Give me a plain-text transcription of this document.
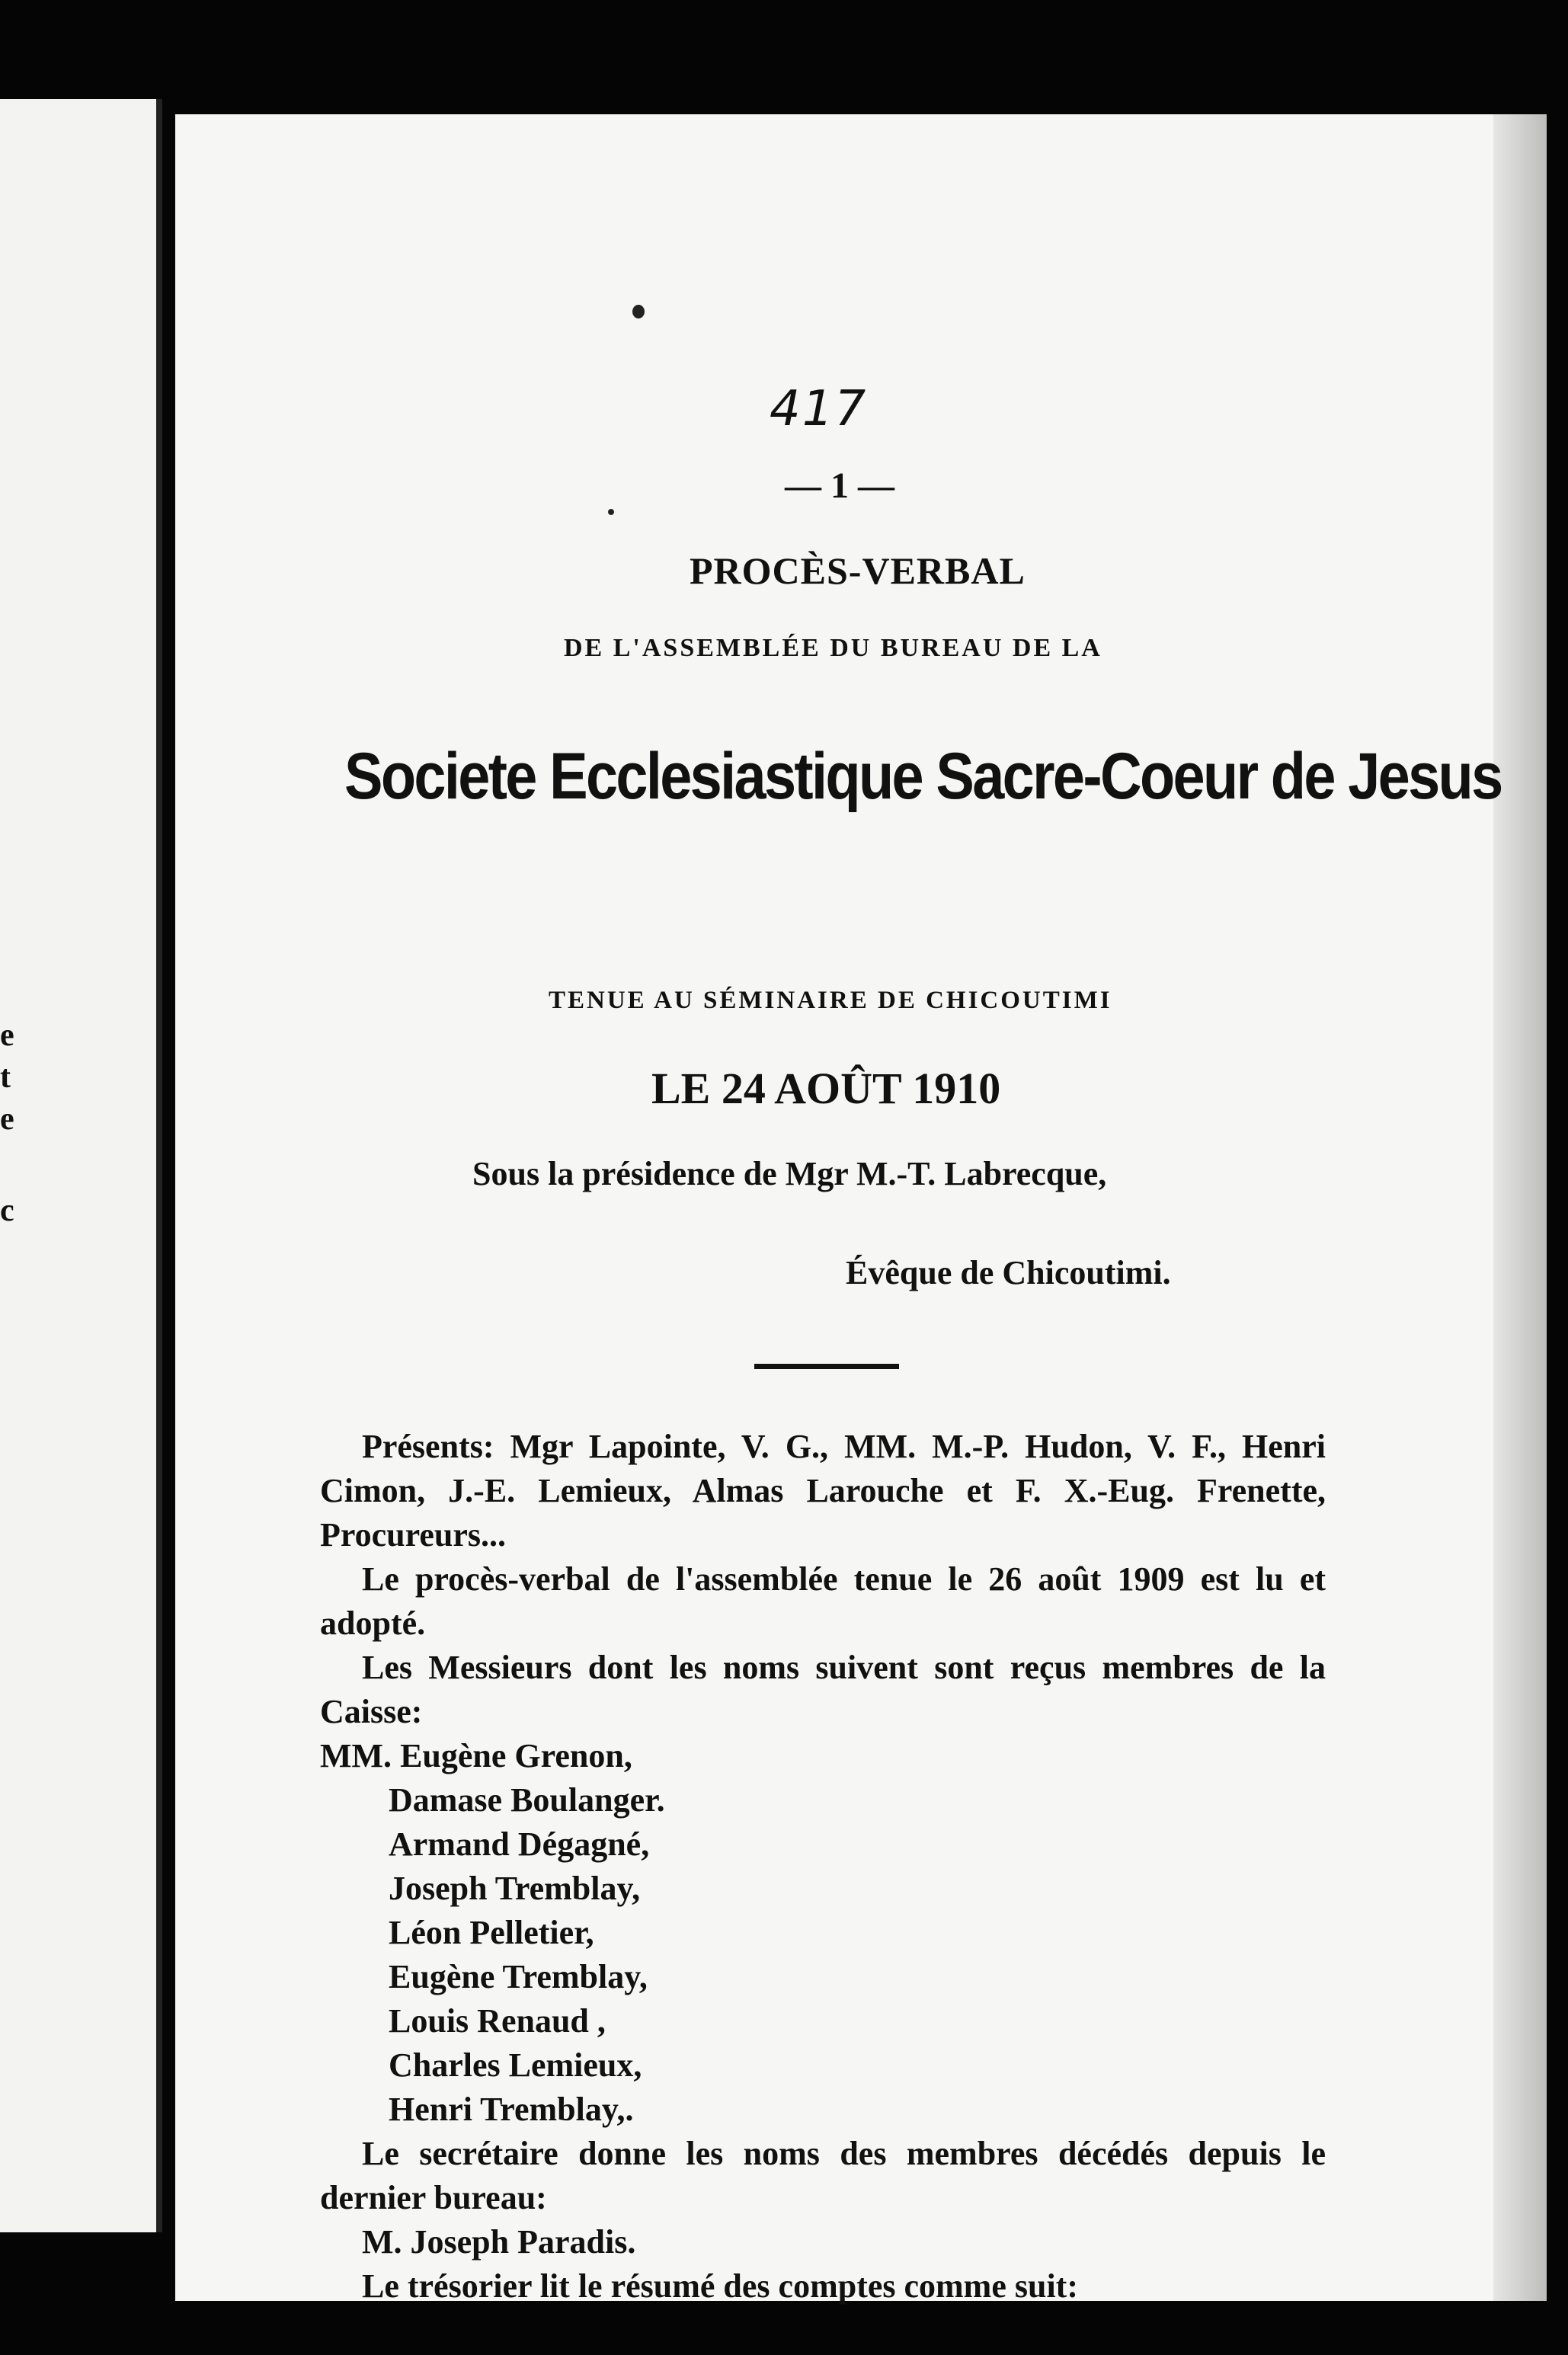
e
t
e
c
417
— 1 —
PROCÈS-VERBAL
DE L'ASSEMBLÉE DU BUREAU DE LA
Societe Ecclesiastique Sacre-Coeur de Jesus
TENUE AU SÉMINAIRE DE CHICOUTIMI
LE 24 AOÛT 1910
Sous la présidence de Mgr M.-T. Labrecque,
Évêque de Chicoutimi.

Présents: Mgr Lapointe, V. G., MM. M.-P. Hudon, V. F., Henri Cimon, J.-E. Lemieux, Almas Larouche et F. X.-Eug. Frenette, Procureurs...

Le procès-verbal de l'assemblée tenue le 26 août 1909 est lu et adopté.

Les Messieurs dont les noms suivent sont reçus membres de la Caisse:

MM. Eugène Grenon,
Damase Boulanger.
Armand Dégagné,
Joseph Tremblay,
Léon Pelletier,
Eugène Tremblay,
Louis Renaud ,
Charles Lemieux,
Henri Tremblay,.

Le secrétaire donne les noms des membres décédés depuis le dernier bureau:

M. Joseph Paradis.

Le trésorier lit le résumé des comptes comme suit:
